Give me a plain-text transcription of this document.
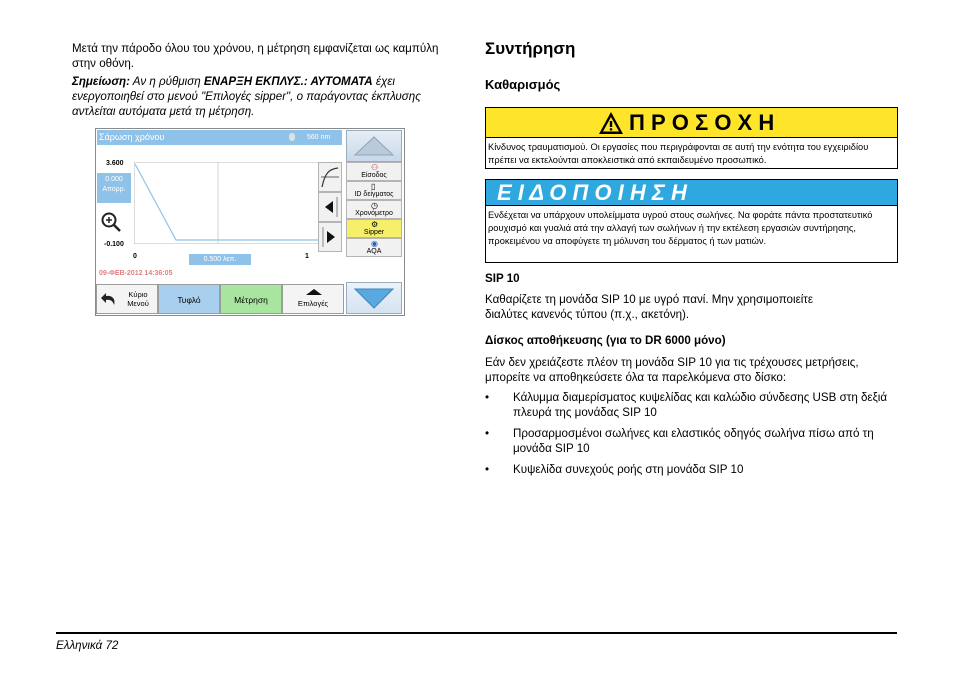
Μετά την πάροδο όλου του χρόνου, η μέτρηση εμφανίζεται ως καμπύλη στην οθόνη.
Σημείωση: Αν η ρύθμιση ΕΝΑΡΞΗ ΕΚΠΛΥΣ.: ΑΥΤΟΜΑΤΑ έχει ενεργοποιηθεί στο μενού "Επιλογές sipper", ο παράγοντας έκπλυσης αντλείται αυτόματα μετά τη μέτρηση.
Σάρωση χρόνου	560 nm
3.600
0.000
Απορρ.
-0.100
0	0.500 λεπ.	1
09-ΦΕΒ-2012 14:36:05
⚇
Είσοδος
▯
ID δείγματος
◷
Χρονόμετρο
⚙
Sipper
◉
AQA
Κύριο Μενού	Τυφλό	Μέτρηση	Επιλογές
Συντήρηση
Καθαρισμός
Π Ρ Ο Σ Ο Χ Η
Κίνδυνος τραυματισμού. Οι εργασίες που περιγράφονται σε αυτή την ενότητα του εγχειριδίου πρέπει να εκτελούνται αποκλειστικά από εκπαιδευμένο προσωπικό.
Ε Ι Δ Ο Π Ο Ι Η Σ Η
Ενδέχεται να υπάρχουν υπολείμματα υγρού στους σωλήνες. Να φοράτε πάντα προστατευτικό ρουχισμό και γυαλιά ατά την αλλαγή των σωλήνων ή την εκτέλεση εργασιών συντήρησης, προκειμένου να αποφύγετε τη μόλυνση του δέρματος ή των ματιών.
SIP 10
Καθαρίζετε τη μονάδα SIP 10 με υγρό πανί. Μην χρησιμοποιείτε διαλύτες κανενός τύπου (π.χ., ακετόνη).
Δίσκος αποθήκευσης (για το DR 6000 μόνο)
Εάν δεν χρειάζεστε πλέον τη μονάδα SIP 10 για τις τρέχουσες μετρήσεις, μπορείτε να αποθηκεύσετε όλα τα παρελκόμενα στο δίσκο:
• Κάλυμμα διαμερίσματος κυψελίδας και καλώδιο σύνδεσης USB στη δεξιά πλευρά της μονάδας SIP 10
• Προσαρμοσμένοι σωλήνες και ελαστικός οδηγός σωλήνα πίσω από τη μονάδα SIP 10
• Κυψελίδα συνεχούς ροής στη μονάδα SIP 10
Ελληνικά 72
